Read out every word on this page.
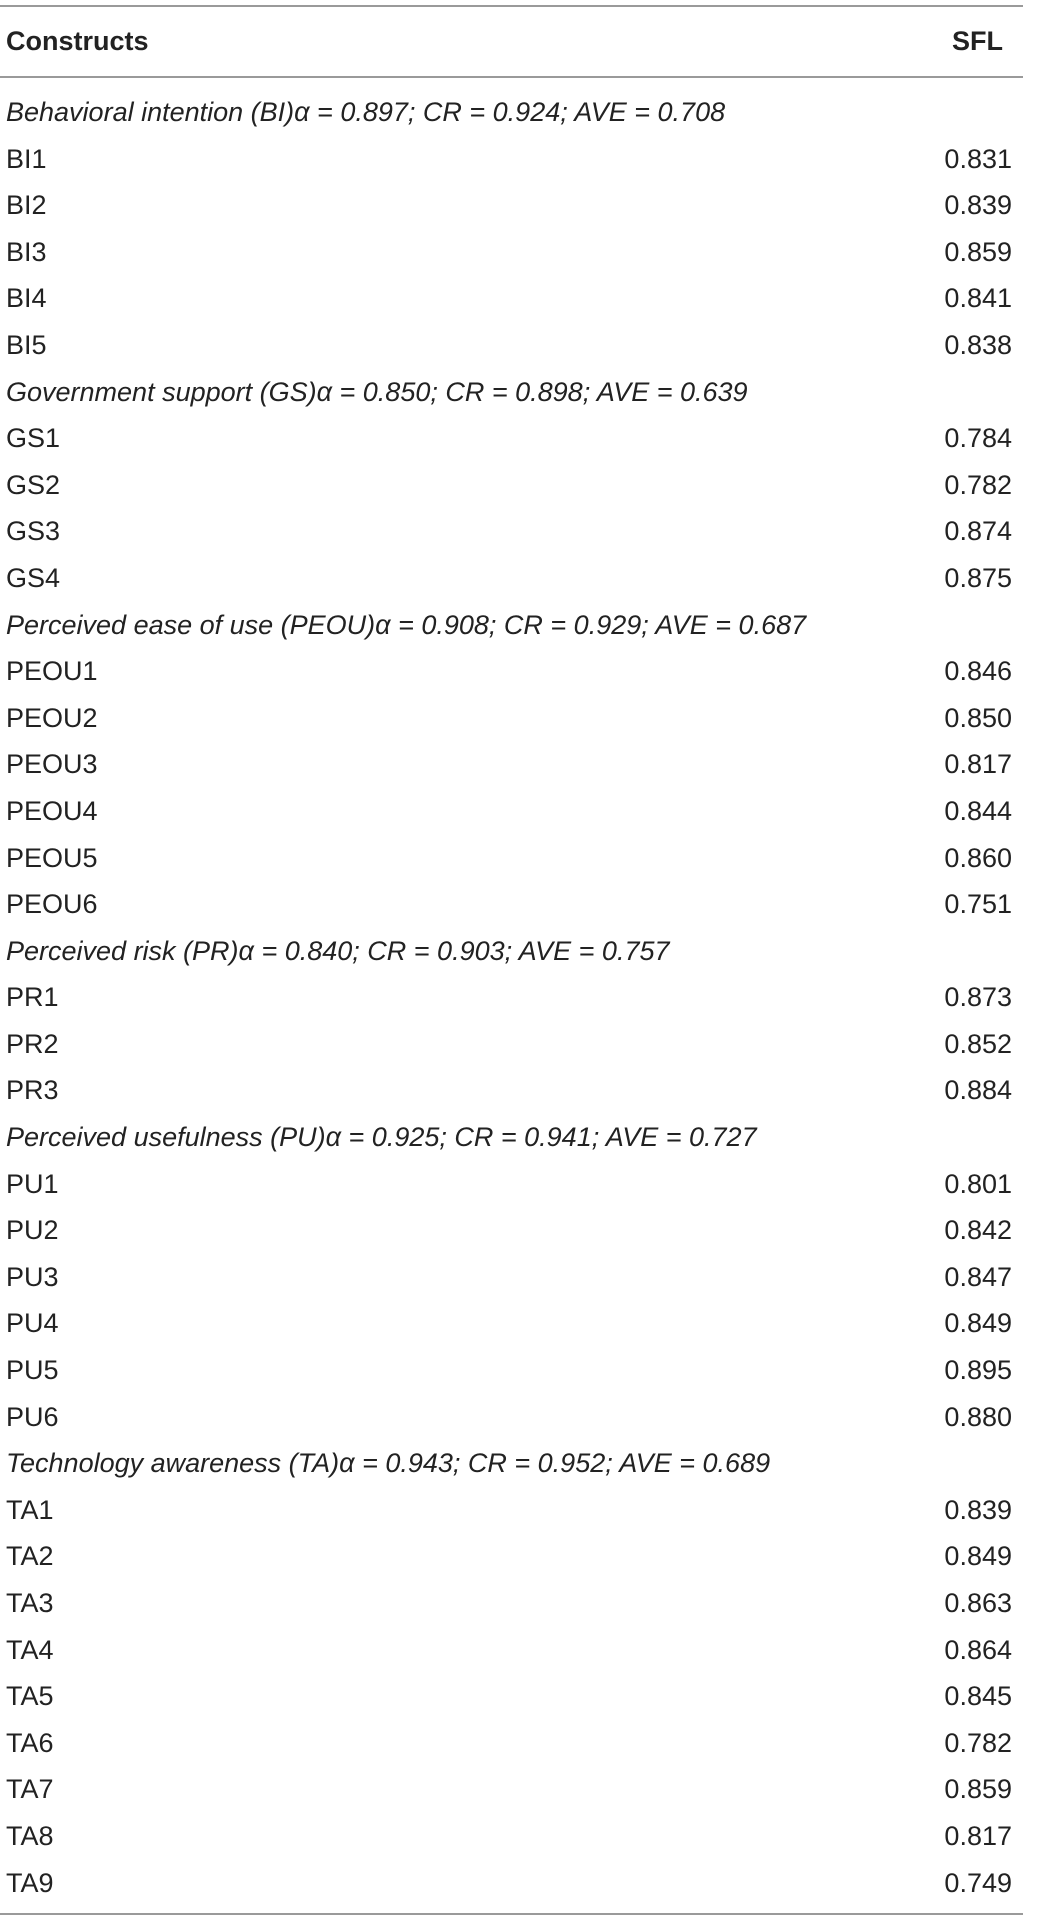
Constructs	SFL
Behavioral intention (BI)α = 0.897; CR = 0.924; AVE = 0.708
BI1	0.831
BI2	0.839
BI3	0.859
BI4	0.841
BI5	0.838
Government support (GS)α = 0.850; CR = 0.898; AVE = 0.639
GS1	0.784
GS2	0.782
GS3	0.874
GS4	0.875
Perceived ease of use (PEOU)α = 0.908; CR = 0.929; AVE = 0.687
PEOU1	0.846
PEOU2	0.850
PEOU3	0.817
PEOU4	0.844
PEOU5	0.860
PEOU6	0.751
Perceived risk (PR)α = 0.840; CR = 0.903; AVE = 0.757
PR1	0.873
PR2	0.852
PR3	0.884
Perceived usefulness (PU)α = 0.925; CR = 0.941; AVE = 0.727
PU1	0.801
PU2	0.842
PU3	0.847
PU4	0.849
PU5	0.895
PU6	0.880
Technology awareness (TA)α = 0.943; CR = 0.952; AVE = 0.689
TA1	0.839
TA2	0.849
TA3	0.863
TA4	0.864
TA5	0.845
TA6	0.782
TA7	0.859
TA8	0.817
TA9	0.749
